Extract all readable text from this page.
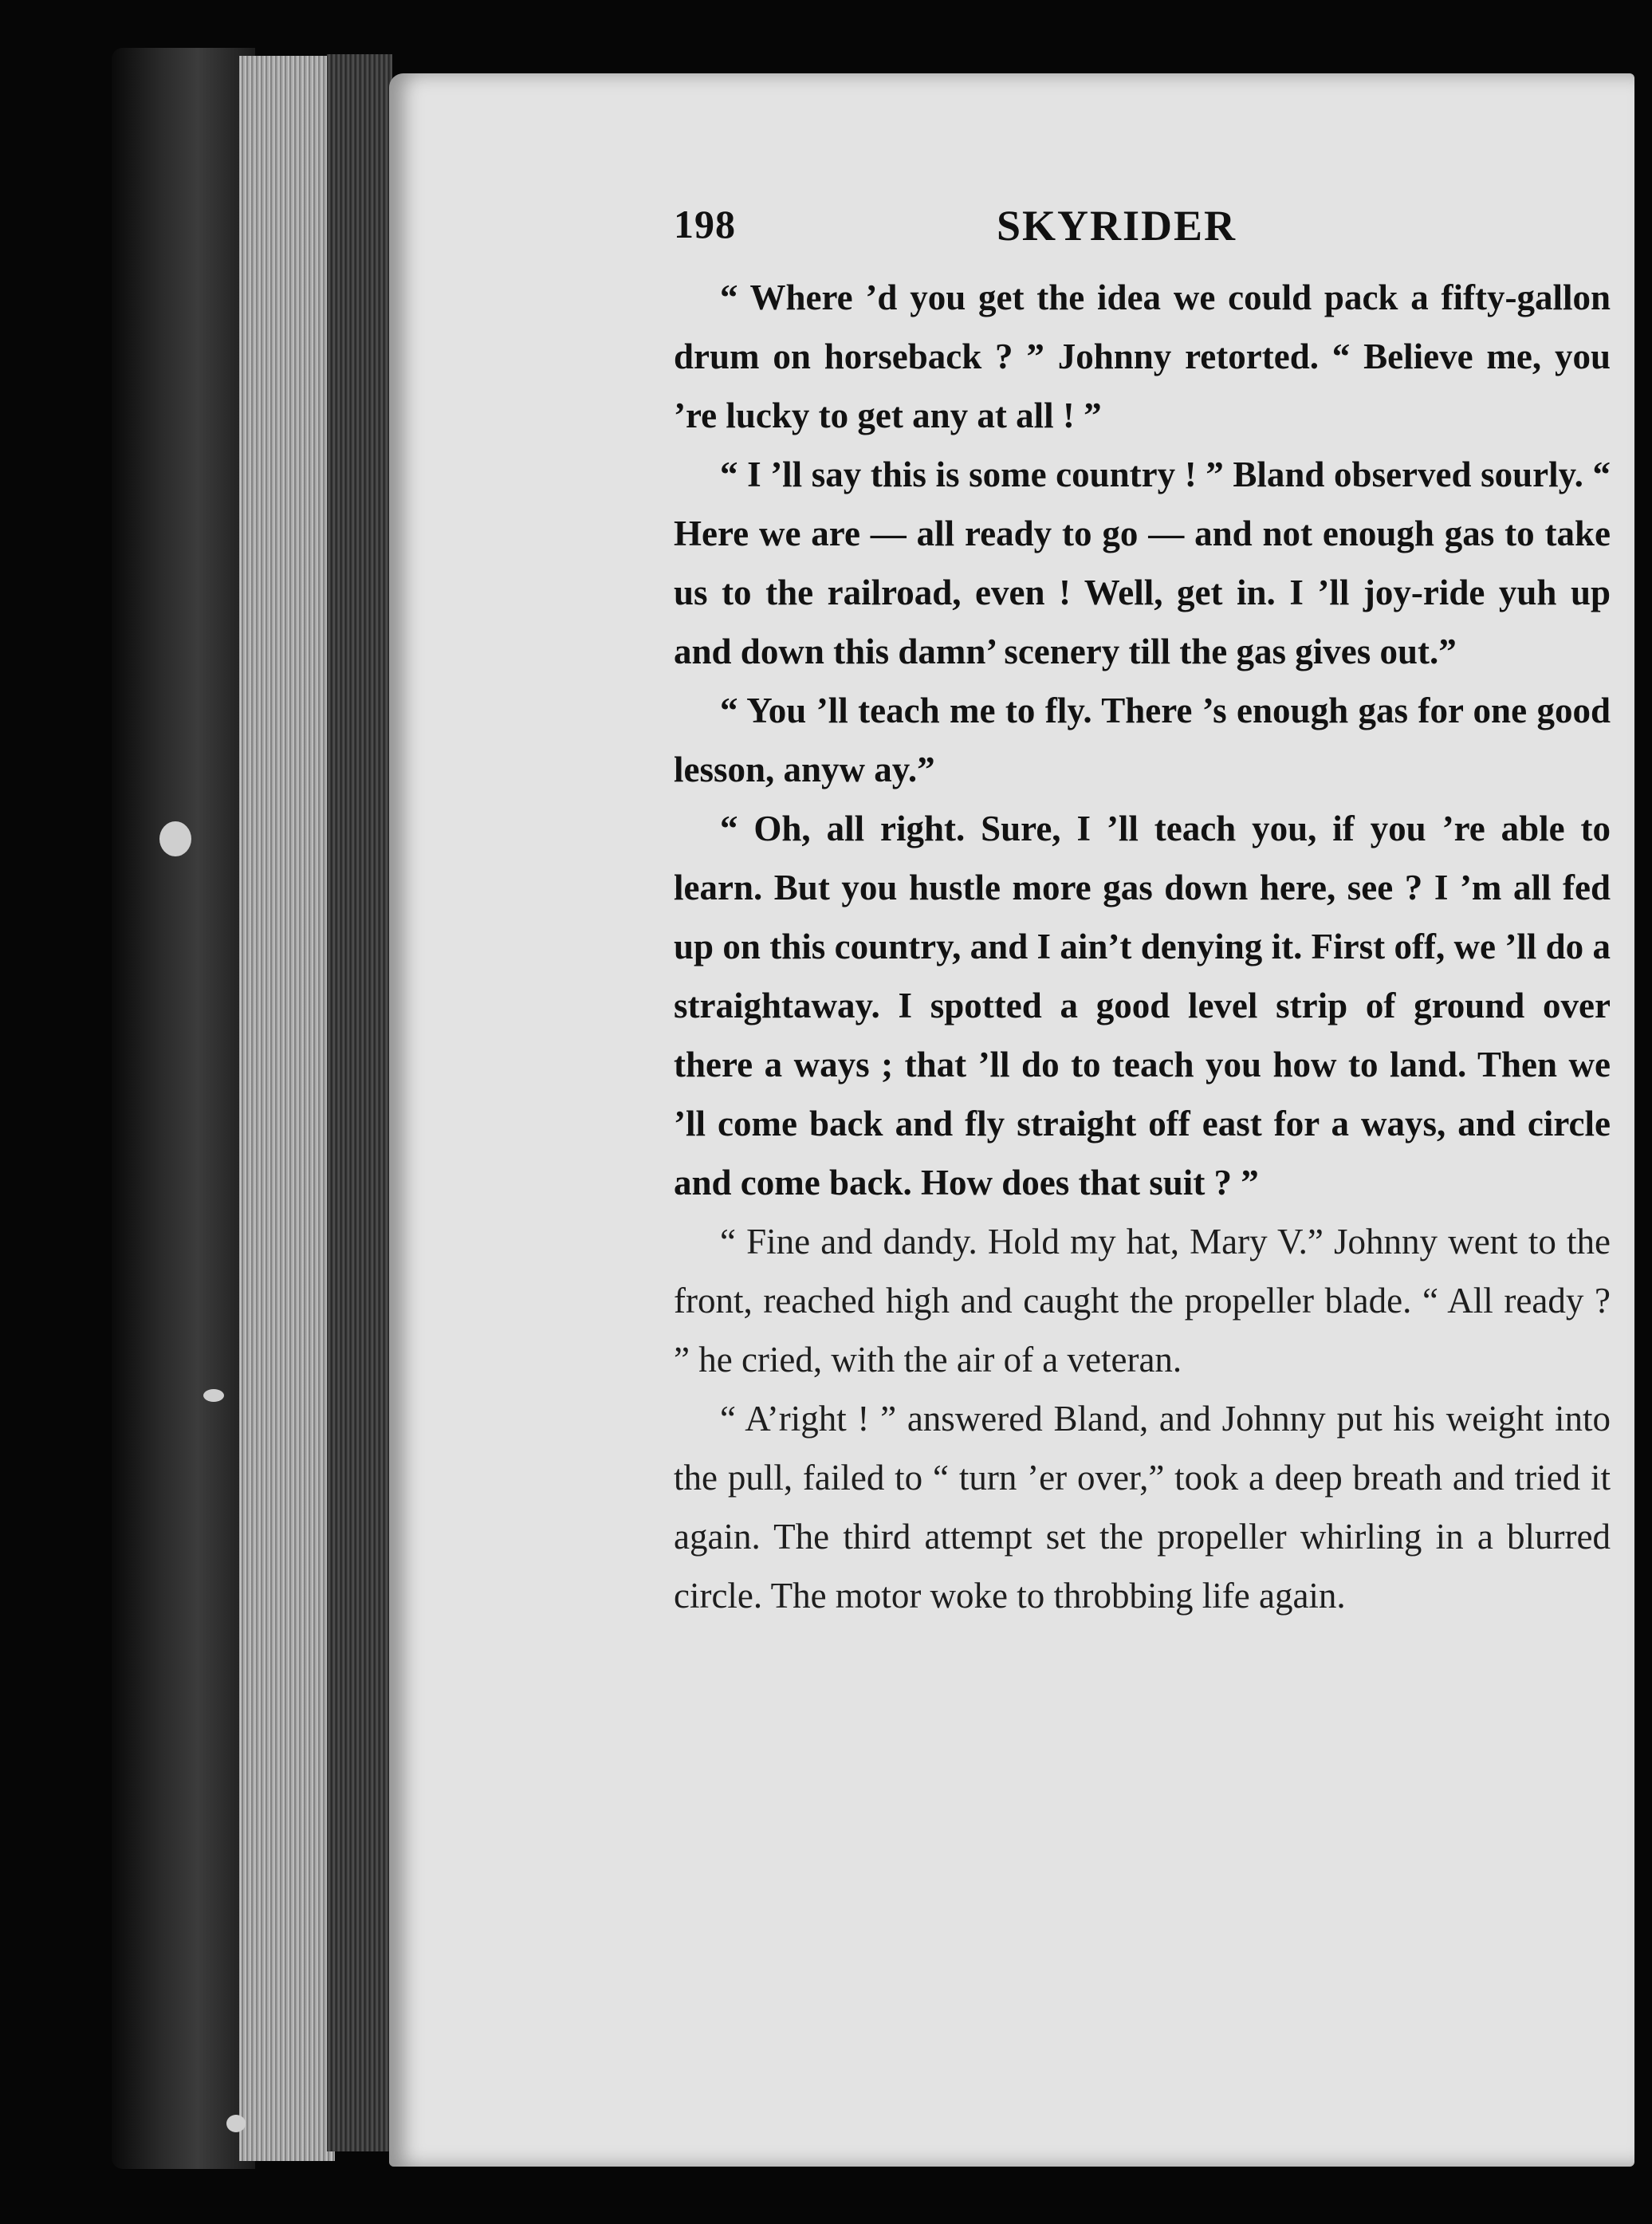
198	SKYRIDER

“ Where ’d you get the idea we could pack a fifty-gallon drum on horseback ? ” Johnny retorted. “ Believe me, you ’re lucky to get any at all ! ”

“ I ’ll say this is some country ! ” Bland observed sourly. “ Here we are — all ready to go — and not enough gas to take us to the railroad, even ! Well, get in. I ’ll joy-ride yuh up and down this damn’ scenery till the gas gives out.”

“ You ’ll teach me to fly. There ’s enough gas for one good lesson, anyw ay.”

“ Oh, all right. Sure, I ’ll teach you, if you ’re able to learn. But you hustle more gas down here, see ? I ’m all fed up on this country, and I ain’t denying it. First off, we ’ll do a straightaway. I spotted a good level strip of ground over there a ways ; that ’ll do to teach you how to land. Then we ’ll come back and fly straight off east for a ways, and circle and come back. How does that suit ? ”

“ Fine and dandy. Hold my hat, Mary V.” Johnny went to the front, reached high and caught the propeller blade. “ All ready ? ” he cried, with the air of a veteran.

“ A’right ! ” answered Bland, and Johnny put his weight into the pull, failed to “ turn ’er over,” took a deep breath and tried it again. The third attempt set the propeller whirling in a blurred circle. The motor woke to throbbing life again.
